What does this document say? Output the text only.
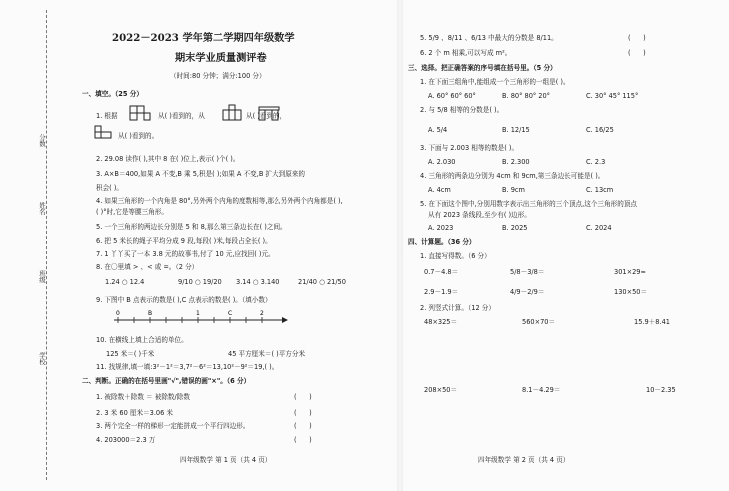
分数
姓名
班级
学校
2022－2023 学年第二学期四年级数学
期末学业质量测评卷
（时间:80 分钟；满分:100 分）
一、填空。（25 分）
1. 根据	从( )看到的，从	从( )看到的，
从( )看到的。
2. 29.08 读作( ),其中 8 在( )位上,表示( )个( )。
3. A×B＝400,如果 A 不变,B 乘 5,积是( );如果 A 不变,B 扩大到原来的
积会( )。
4. 如果三角形的一个内角是 80°,另外两个内角的度数相等,那么另外两个内角都是( ),
( )°时,它是等腰三角形。
5. 一个三角形的两边长分别是 5 和 8,那么第三条边长在( )之间。
6. 把 5 米长的绳子平均分成 9 段,每段( )米,每段占全长( )。
7. 1 丫丫买了一本 3.8 元的故事书,付了 10 元,应找回( )元。
8. 在〇里填 > 、< 或 =。（2 分）
1.24 ○ 12.4	9/10 ○ 19/20 3.14 ○ 3.140	21/40 ○ 21/50
9. 下图中 B 点表示的数是( ),C 点表示的数是( )。（填小数）
0	B	1	C	2
10. 在横线上填上合适的单位。
125 米＝( )千米	45 平方厘米＝( )平方分米
11. 找规律,填一填:3²－1²＝3,7²－6²＝13,10²－9²＝19,( )。
二、判断。正确的在括号里画"√",错误的画"×"。（6 分）
1. 被除数＋除数 ＝ 被除数/除数	(      )
2. 3 米 60 厘米＝3.06 米	(      )
3. 两个完全一样的梯形一定能拼成一个平行四边形。	(      )
4. 203000＝2.3 万	(      )
四年级数学 第 1 页（共 4 页）
5. 5/9 、8/11 、6/13 中最大的分数是 8/11。	(      )
6. 2 个 m 相乘,可以写成 m²。	(      )
三、选择。把正确答案的序号填在括号里。（5 分）
1. 在下面三组角中,能组成一个三角形的一组是( )。
A. 60° 60° 60°	B. 80° 80° 20°	C. 30° 45° 115°
2. 与 5/8 相等的分数是( )。
A. 5/4	B. 12/15	C. 16/25
3. 下面与 2.003 相等的数是( )。
A. 2.030	B. 2.300	C. 2.3
4. 三角形的两条边分别为 4cm 和 9cm,第三条边长可能是( )。
A. 4cm	B. 9cm	C. 13cm
5. 在下面这个图中,分别用数字表示出三角形的三个顶点,这个三角形的顶点
从有 2023 条线段,至少有( )边形。
A. 2023	B. 2025	C. 2024
四、计算题。（36 分）
1. 直接写得数。（6 分）
0.7－4.8＝	5/8－3/8＝	301×29≈
2.9－1.9＝	4/9－2/9＝	130×50＝
2. 列竖式计算。（12 分）
48×325＝	560×70＝	15.9＋8.41
208×50＝	8.1－4.29＝	10－2.35
四年级数学 第 2 页（共 4 页）
